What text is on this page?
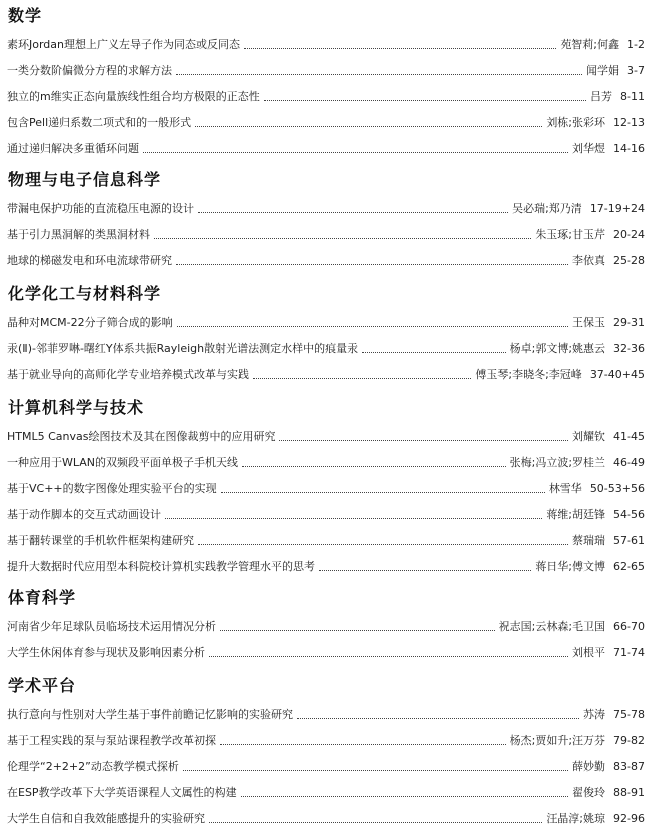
数学
素环Jordan理想上广义左导子作为同态或反同态	苑智莉;何鑫 1-2
一类分数阶偏微分方程的求解方法	闻学娟 3-7
独立的m维实正态向量族线性组合均方极限的正态性	吕芳 8-11
包含Pell递归系数二项式和的一般形式	刘栋;张彩环 12-13
通过递归解决多重循环问题	刘华煜 14-16
物理与电子信息科学
带漏电保护功能的直流稳压电源的设计	吴必瑞;郑乃清 17-19+24
基于引力黑洞解的类黑洞材料	朱玉琢;甘玉芹 20-24
地球的梯磁发电和环电流球带研究	李依真 25-28
化学化工与材料科学
晶种对MCM-22分子筛合成的影响	王保玉 29-31
汞(Ⅱ)-邻菲罗啉-曙红Y体系共振Rayleigh散射光谱法测定水样中的痕量汞	杨卓;郭文博;姚惠云 32-36
基于就业导向的高师化学专业培养模式改革与实践	傅玉琴;李晓冬;李冠峰 37-40+45
计算机科学与技术
HTML5 Canvas绘图技术及其在图像裁剪中的应用研究	刘耀钦 41-45
一种应用于WLAN的双频段平面单极子手机天线	张梅;冯立波;罗桂兰 46-49
基于VC++的数字图像处理实验平台的实现	林雪华 50-53+56
基于动作脚本的交互式动画设计	蒋维;胡廷锋 54-56
基于翻转课堂的手机软件框架构建研究	蔡瑞瑞 57-61
提升大数据时代应用型本科院校计算机实践教学管理水平的思考	蒋日华;傅文博 62-65
体育科学
河南省少年足球队员临场技术运用情况分析	祝志国;云林森;毛卫国 66-70
大学生休闲体育参与现状及影响因素分析	刘根平 71-74
学术平台
执行意向与性别对大学生基于事件前瞻记忆影响的实验研究	苏涛 75-78
基于工程实践的泵与泵站课程教学改革初探	杨杰;贾如升;汪万芬 79-82
伦理学“2+2+2”动态教学模式探析	薛妙勤 83-87
在ESP教学改革下大学英语课程人文属性的构建	翟俊玲 88-91
大学生自信和自我效能感提升的实验研究	汪晶淳;姚琼 92-96
